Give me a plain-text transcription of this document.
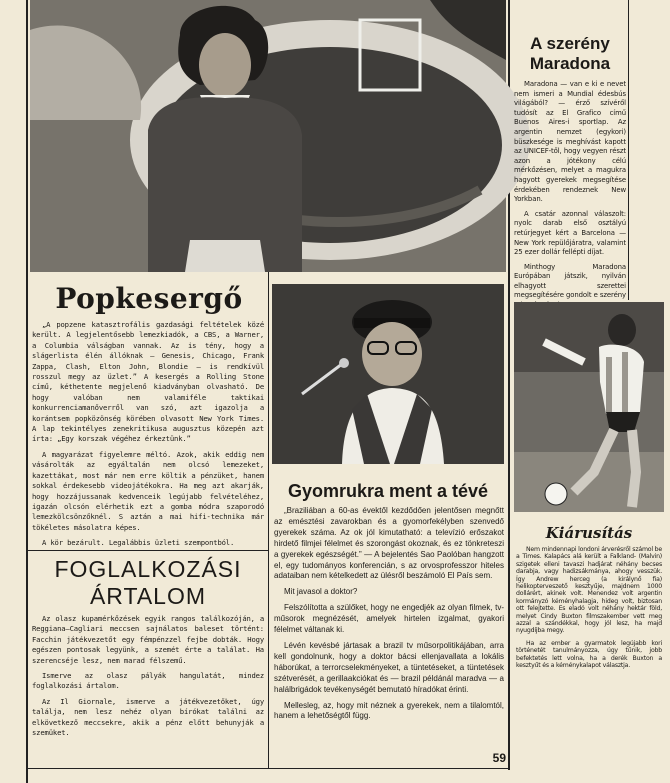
Popkesergő

„A popzene katasztrofális gazdasági feltételek közé került. A legjelentősebb lemezkiadók, a CBS, a Warner, a Columbia válságban vannak. Az is tény, hogy a slágerlista élén állóknak — Genesis, Chicago, Frank Zappa, Clash, Elton John, Blondie — is rendkívül rosszul megy az üzlet.” A kesergés a Rolling Stone című, kéthetente megjelenő kiadványban olvasható. De hogy valóban nem valamiféle taktikai konkurrenciamanőverről van szó, azt igazolja a korántsem popközönség körében olvasott New York Times. A lap tekintélyes zenekritikusa augusztus közepén azt írta: „Egy korszak végéhez érkeztünk.”

A magyarázat figyelemre méltó. Azok, akik eddig nem vásárolták az egyáltalán nem olcsó lemezeket, kazettákat, most már nem erre költik a pénzüket, hanem sokkal érdekesebb videojátékokra. Ha meg azt akarják, hogy hozzájussanak kedvenceik legújabb felvételéhez, igazán olcsón elérhetik ezt a gomba módra szaporodó lemezkölcsönzőknél. S aztán a mai hifi-technika már tökéletes másolatra képes.

A kör bezárult. Legalábbis üzleti szempontból.

FOGLALKOZÁSI
ÁRTALOM

Az olasz kupamérkőzések egyik rangos találkozóján, a Reggiana—Cagliari meccsen sajnálatos baleset történt: Facchin játékvezetőt egy fémpénzzel fejbe dobták. Hogy egészen pontosak legyünk, a szemét érte a találat. Ha szerencséje lesz, nem marad félszemű.

Ismerve az olasz pályák hangulatát, mindez foglalkozási ártalom.

Az Il Giornale, ismerve a játékvezetőket, úgy találja, nem lesz nehéz olyan bírókat találni az elkövetkező meccsekre, akik a pénz előtt behunyják a szemüket.

Gyomrukra ment a tévé

„Braziliában a 60-as évektől kezdődően jelentősen megnőtt az emésztési zavarokban és a gyomorfekélyben szenvedő gyerekek száma. Az ok jól kimutatható: a televízió erőszakot hirdető filmjei félelmet és szorongást okoznak, és ez tönkreteszi a gyerekek egészségét.” — A bejelentés Sao Paolóban hangzott el, egy tudományos konferencián, s az orvosprofesszor hiteles adataiban nem kételkedett az ülésről beszámoló El País sem.

Mit javasol a doktor?

Felszólította a szülőket, hogy ne engedjék az olyan filmek, tv-műsorok megnézését, amelyek hirtelen izgalmat, gyakori félelmet váltanak ki.

Lévén kevésbé jártasak a brazil tv műsorpolitikájában, arra kell gondolnunk, hogy a doktor bácsi ellenjavallata a lokális háborúkat, a terrorcselekményeket, a tüntetéseket, a tüntetések szétverését, a gerillaakciókat és — brazil példánál maradva — a halálbrigádok tevékenységét bemutató híradókat érinti.

Mellesleg, az, hogy mit néznek a gyerekek, nem a tilalomtól, hanem a lehetőségtől függ.

A szerény
Maradona

Maradona — van e ki e nevet nem ismeri a Mundial édesbús világából? — érző szívéről tudósít az El Grafico című Buenos Aires-i sportlap. Az argentin nemzet (egykori) büszkesége is meghívást kapott az UNICEF-től, hogy vegyen részt azon a jótékony célú mérkőzésen, melyet a magukra hagyott gyerekek megsegítése érdekében rendeznek New Yorkban.

A csatár azonnal válaszolt: nyolc darab első osztályú retúrjegyet kért a Barcelona — New York repülőjáratra, valamint 25 ezer dollár fellépti díjat.

Minthogy Maradona Európában játszik, nyilván elhagyott szerettei megsegítésére gondolt e szerény

Kiárusítás

Nem mindennapi londoni árverésről számol be a Times. Kalapács alá került a Falkland- (Malvin) szigetek elleni tavaszi hadjárat néhány becses darabja, vagy hadizsákmánya, ahogy vesszük. Így Andrew herceg (a királynő fia) helikopterveszető kesztyűje, majdnem 1000 dollárért, akinek volt. Menendez volt argentin kormányzó kéményhalagja, hideg volt, biztosan ott felejtette. Es eladó volt néhány hektár föld, melyet Cindy Buxton filmszakember vett meg azzal a szándékkal, hogy jól lesz, ha majd nyugdíjba megy.

Ha az ember a gyarmatok legújabb kori történetét tanulmányozza, úgy tűnik, jobb befektetés lett volna, ha a derék Buxton a kesztyűt és a kéménykalapot választja.

59
